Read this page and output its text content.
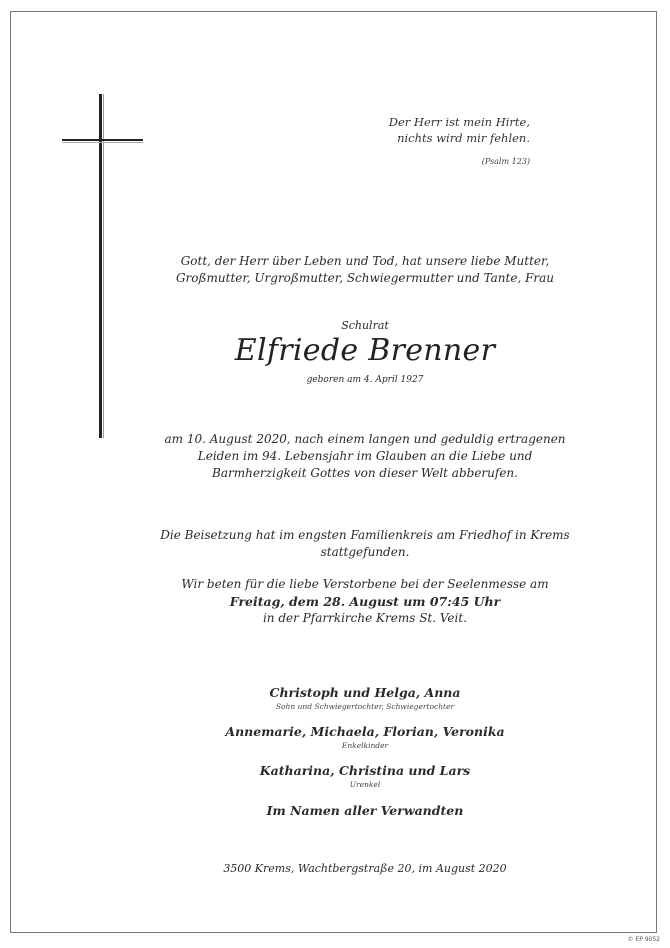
Der Herr ist mein Hirte,
nichts wird mir fehlen.
(Psalm 123)
Gott, der Herr über Leben und Tod, hat unsere liebe Mutter,
Großmutter, Urgroßmutter, Schwiegermutter und Tante, Frau
Schulrat
Elfriede Brenner
geboren am 4. April 1927
am 10. August 2020, nach einem langen und geduldig ertragenen
Leiden im 94. Lebensjahr im Glauben an die Liebe und
Barmherzigkeit Gottes von dieser Welt abberufen.
Die Beisetzung hat im engsten Familienkreis am Friedhof in Krems
stattgefunden.
Wir beten für die liebe Verstorbene bei der Seelenmesse am
Freitag, dem 28. August um 07:45 Uhr
in der Pfarrkirche Krems St. Veit.
Christoph und Helga, Anna
Sohn und Schwiegertochter, Schwiegertochter
Annemarie, Michaela, Florian, Veronika
Enkelkinder
Katharina, Christina und Lars
Urenkel
Im Namen aller Verwandten
3500 Krems, Wachtbergstraße 20, im August 2020
© EP 9052
